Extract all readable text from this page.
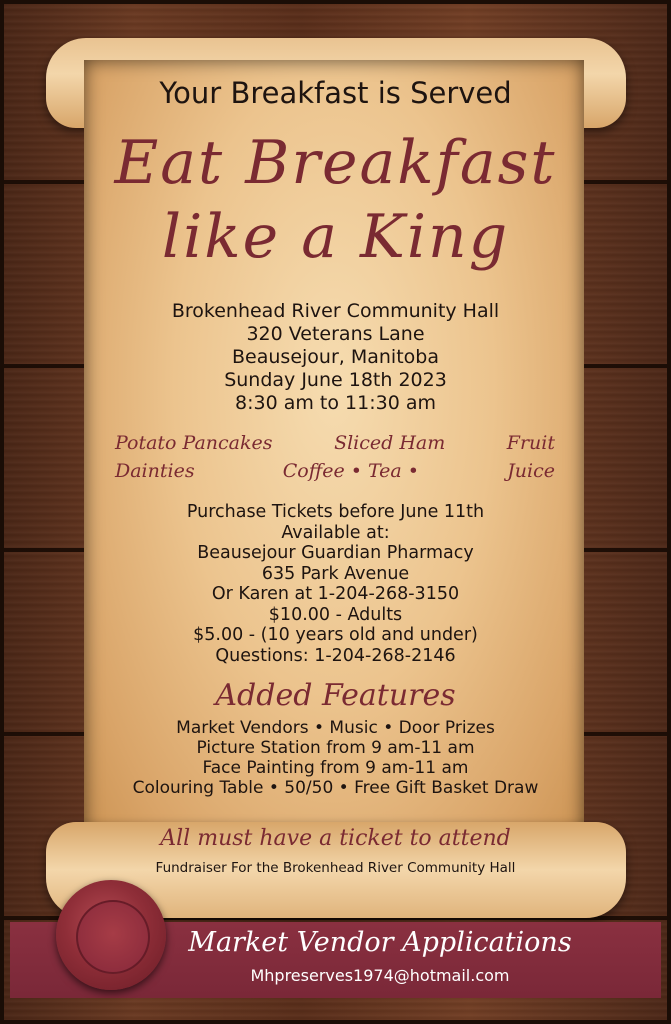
Your Breakfast is Served
Eat Breakfast
like a King
Brokenhead River Community Hall
320 Veterans Lane
Beausejour, Manitoba
Sunday June 18th 2023
8:30 am to 11:30 am
Potato Pancakes	Sliced Ham	Fruit
Dainties	Coffee • Tea •	Juice
Purchase Tickets before June 11th
Available at:
Beausejour Guardian Pharmacy
635 Park Avenue
Or Karen at 1-204-268-3150
$10.00 - Adults
$5.00 - (10 years old and under)
Questions: 1-204-268-2146
Added Features
Market Vendors • Music • Door Prizes
Picture Station from 9 am-11 am
Face Painting from 9 am-11 am
Colouring Table • 50/50 • Free Gift Basket Draw
All must have a ticket to attend
Fundraiser For the Brokenhead River Community Hall
Market Vendor Applications
Mhpreserves1974@hotmail.com
